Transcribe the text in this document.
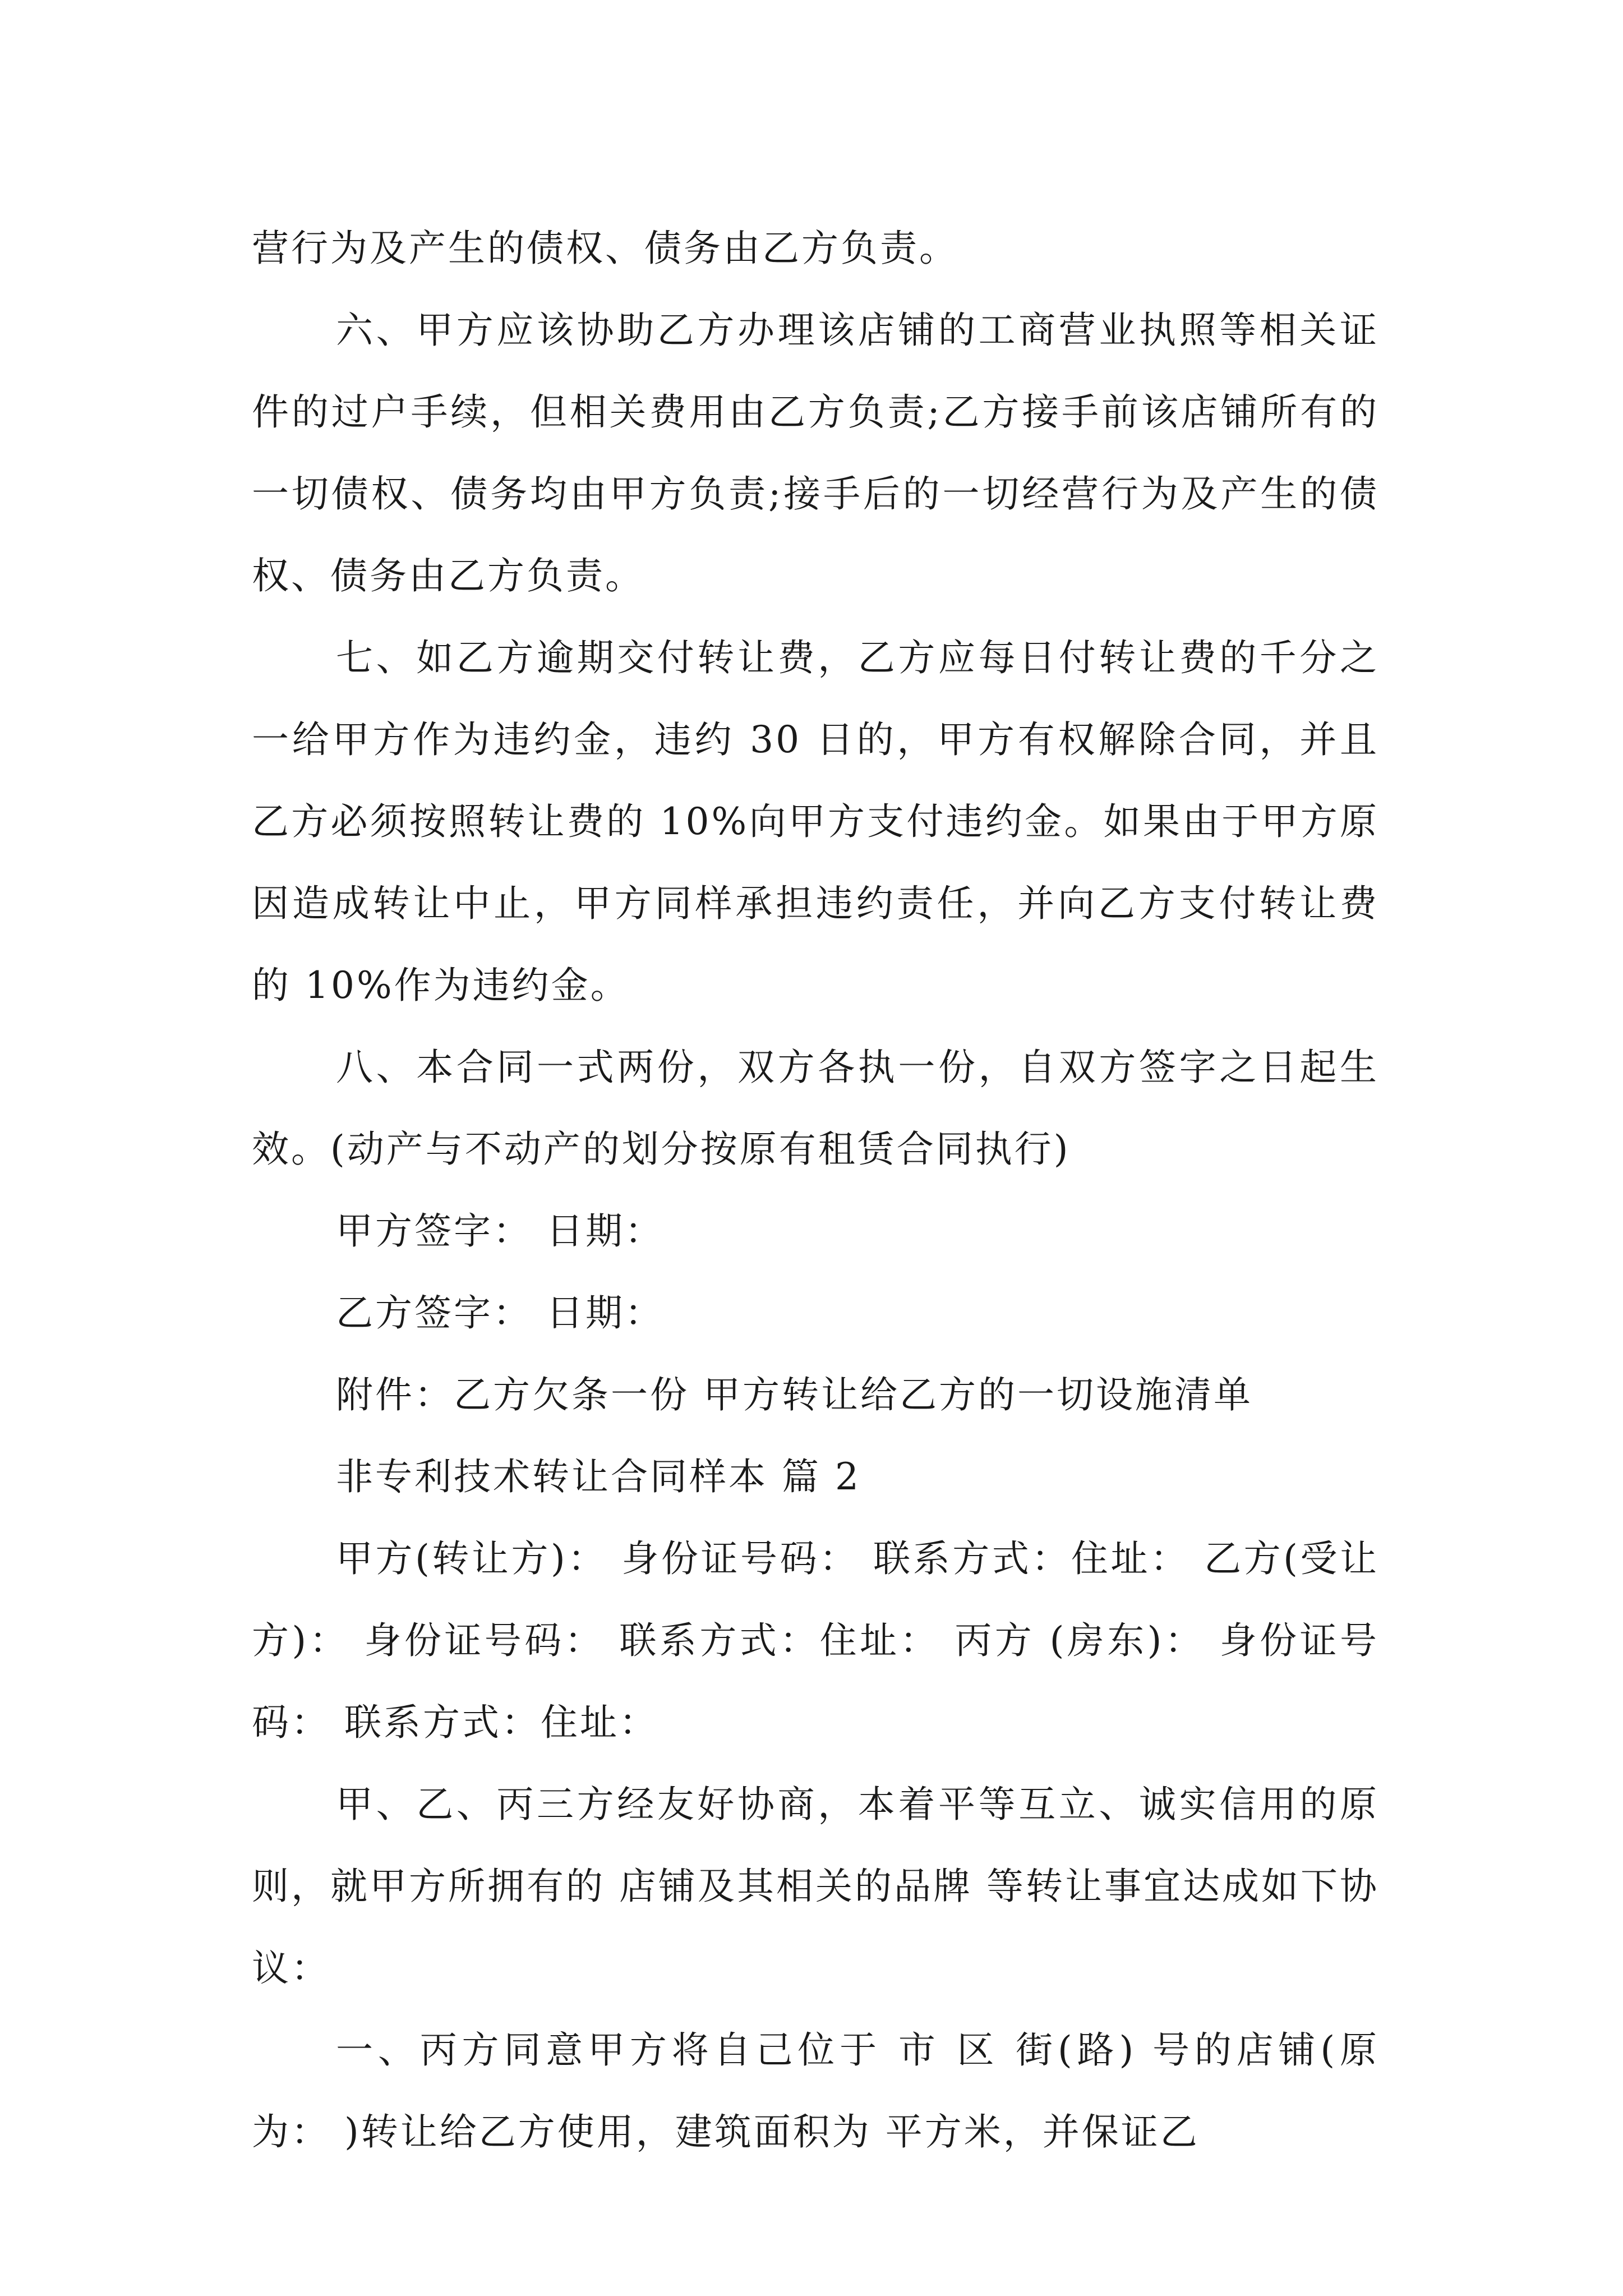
营行为及产生的债权、债务由乙方负责。

六、甲方应该协助乙方办理该店铺的工商营业执照等相关证件的过户手续，但相关费用由乙方负责;乙方接手前该店铺所有的一切债权、债务均由甲方负责;接手后的一切经营行为及产生的债权、债务由乙方负责。

七、如乙方逾期交付转让费，乙方应每日付转让费的千分之一给甲方作为违约金，违约 30 日的，甲方有权解除合同，并且乙方必须按照转让费的 10%向甲方支付违约金。如果由于甲方原因造成转让中止，甲方同样承担违约责任，并向乙方支付转让费的 10%作为违约金。

八、本合同一式两份，双方各执一份，自双方签字之日起生效。(动产与不动产的划分按原有租赁合同执行)

甲方签字： 日期：

乙方签字： 日期：

附件：乙方欠条一份 甲方转让给乙方的一切设施清单

非专利技术转让合同样本 篇 2

甲方(转让方)： 身份证号码： 联系方式：住址： 乙方(受让方)： 身份证号码： 联系方式：住址： 丙方 (房东)： 身份证号码： 联系方式：住址：

甲、乙、丙三方经友好协商，本着平等互立、诚实信用的原则，就甲方所拥有的 店铺及其相关的品牌 等转让事宜达成如下协议：

一、丙方同意甲方将自己位于 市 区 街(路) 号的店铺(原为： )转让给乙方使用，建筑面积为 平方米，并保证乙
